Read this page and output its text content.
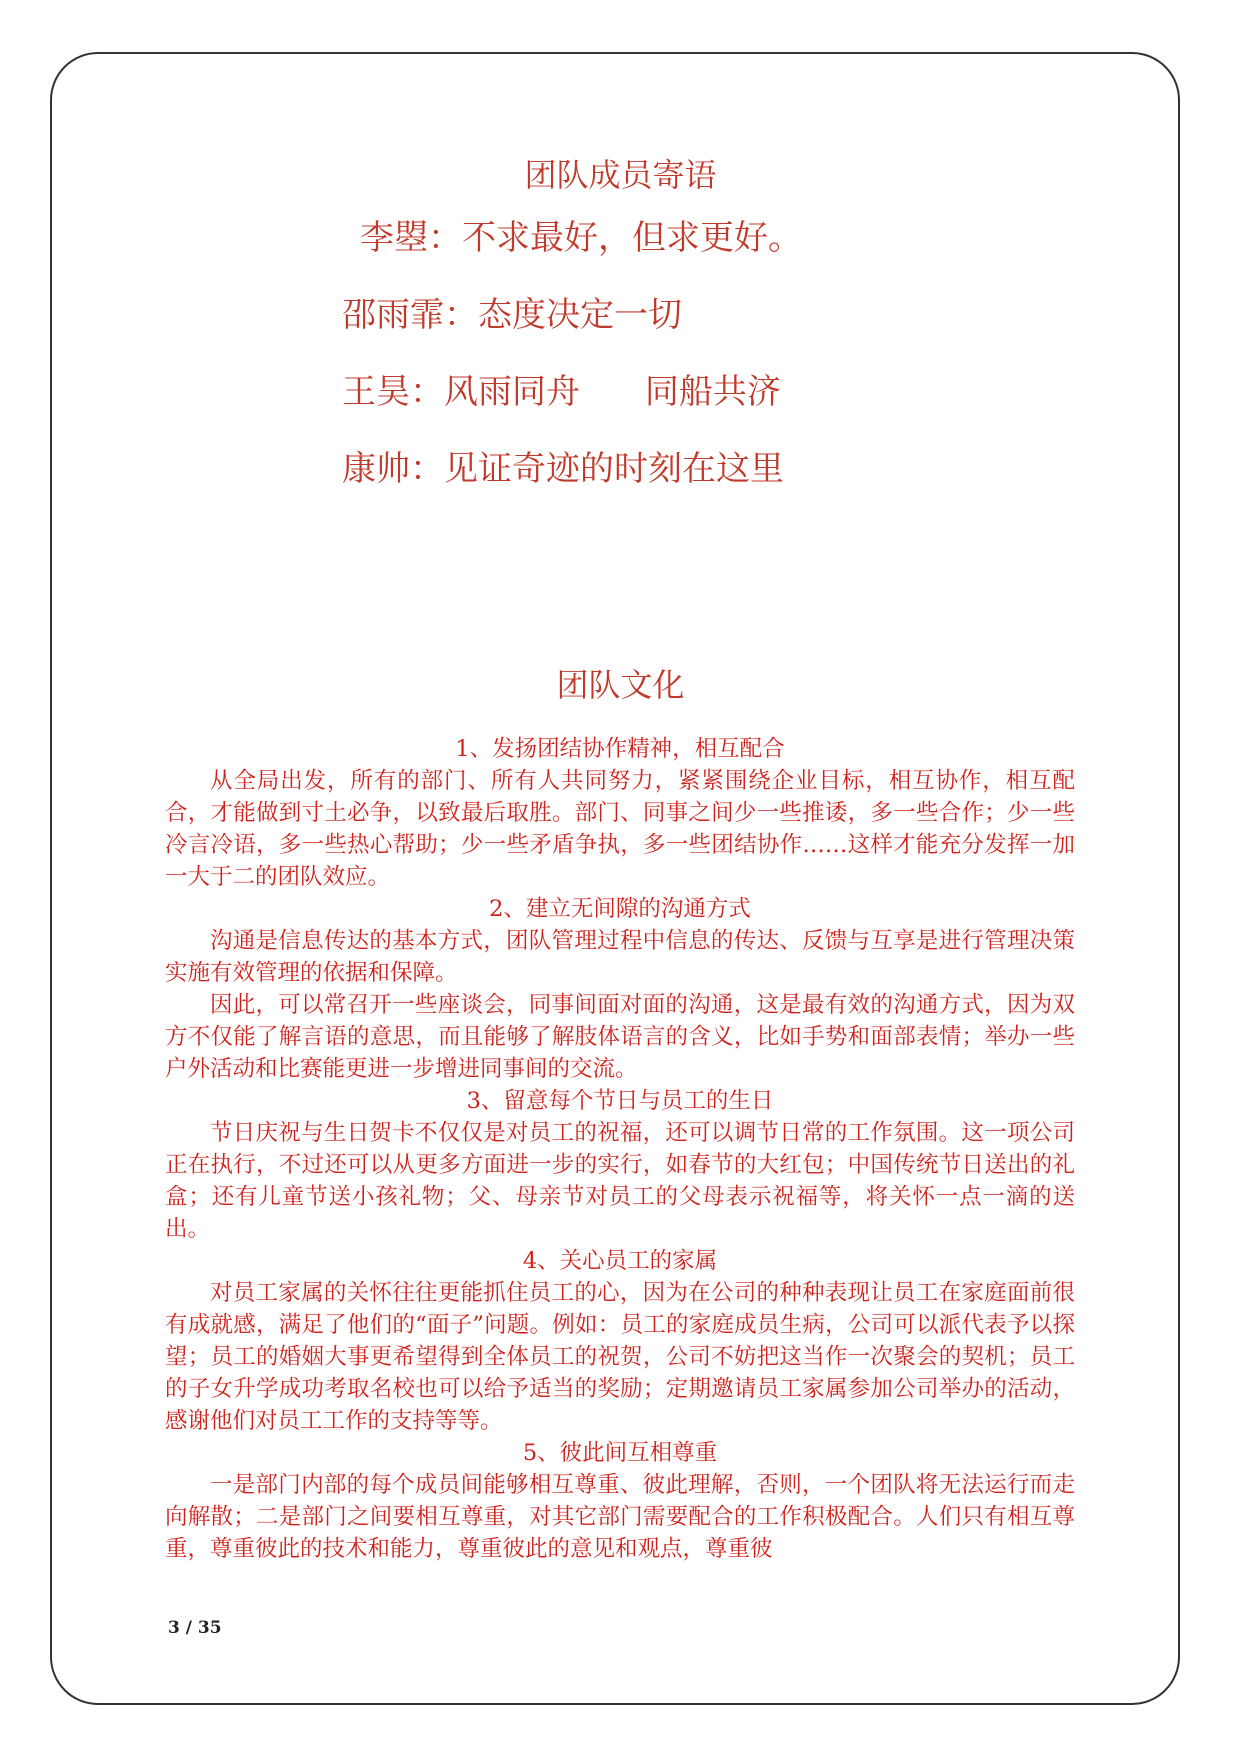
团队成员寄语
李曌：不求最好，但求更好。
邵雨霏：态度决定一切
王昊：风雨同舟      同船共济
康帅：见证奇迹的时刻在这里
团队文化
1、发扬团结协作精神，相互配合

从全局出发，所有的部门、所有人共同努力，紧紧围绕企业目标，相互协作，相互配合，才能做到寸土必争，以致最后取胜。部门、同事之间少一些推诿，多一些合作；少一些冷言冷语，多一些热心帮助；少一些矛盾争执，多一些团结协作……这样才能充分发挥一加一大于二的团队效应。

2、建立无间隙的沟通方式

沟通是信息传达的基本方式，团队管理过程中信息的传达、反馈与互享是进行管理决策实施有效管理的依据和保障。

因此，可以常召开一些座谈会，同事间面对面的沟通，这是最有效的沟通方式，因为双方不仅能了解言语的意思，而且能够了解肢体语言的含义，比如手势和面部表情；举办一些户外活动和比赛能更进一步增进同事间的交流。

3、留意每个节日与员工的生日

节日庆祝与生日贺卡不仅仅是对员工的祝福，还可以调节日常的工作氛围。这一项公司正在执行，不过还可以从更多方面进一步的实行，如春节的大红包；中国传统节日送出的礼盒；还有儿童节送小孩礼物；父、母亲节对员工的父母表示祝福等，将关怀一点一滴的送出。

4、关心员工的家属

对员工家属的关怀往往更能抓住员工的心，因为在公司的种种表现让员工在家庭面前很有成就感，满足了他们的“面子”问题。例如：员工的家庭成员生病，公司可以派代表予以探望；员工的婚姻大事更希望得到全体员工的祝贺，公司不妨把这当作一次聚会的契机；员工的子女升学成功考取名校也可以给予适当的奖励；定期邀请员工家属参加公司举办的活动，感谢他们对员工工作的支持等等。

5、彼此间互相尊重

一是部门内部的每个成员间能够相互尊重、彼此理解，否则，一个团队将无法运行而走向解散；二是部门之间要相互尊重，对其它部门需要配合的工作积极配合。人们只有相互尊重，尊重彼此的技术和能力，尊重彼此的意见和观点，尊重彼

3 / 35
